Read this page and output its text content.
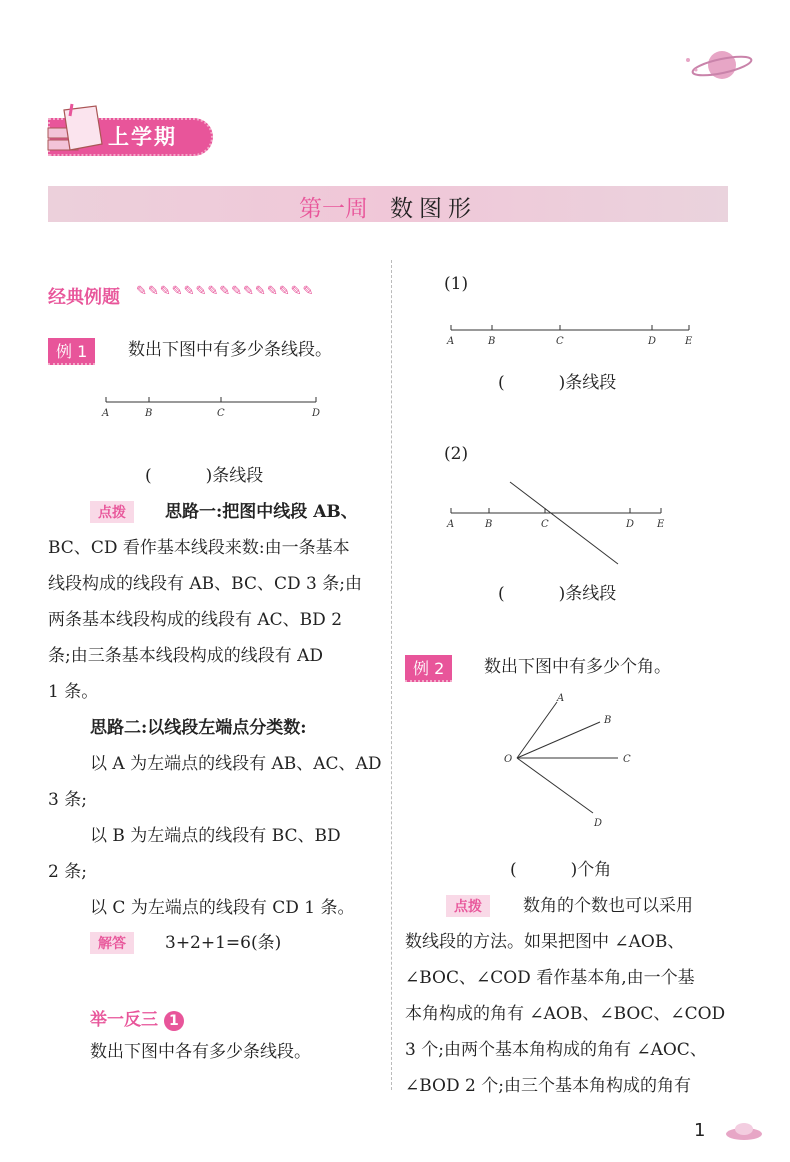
上学期
第一周 数图形
经典例题 ✎✎✎✎✎✎✎✎✎✎✎✎✎✎✎
例 1	数出下图中有多少条线段。
A	B	C	D
(          )条线段
点拨	思路一:把图中线段 AB、
BC、CD 看作基本线段来数:由一条基本
线段构成的线段有 AB、BC、CD 3 条;由
两条基本线段构成的线段有 AC、BD 2
条;由三条基本线段构成的线段有 AD
1 条。
思路二:以线段左端点分类数:
以 A 为左端点的线段有 AB、AC、AD
3 条;
以 B 为左端点的线段有 BC、BD
2 条;
以 C 为左端点的线段有 CD 1 条。
解答	3+2+1=6(条)
举一反三 1
数出下图中各有多少条线段。
(1)
A	B	C	D	E
(          )条线段
(2)
A	B	C	D E
(          )条线段
例 2	数出下图中有多少个角。
O
A
B
C
D
(          )个角
点拨	数角的个数也可以采用
数线段的方法。如果把图中 ∠AOB、
∠BOC、∠COD 看作基本角,由一个基
本角构成的角有 ∠AOB、∠BOC、∠COD
3 个;由两个基本角构成的角有 ∠AOC、
∠BOD 2 个;由三个基本角构成的角有
1
